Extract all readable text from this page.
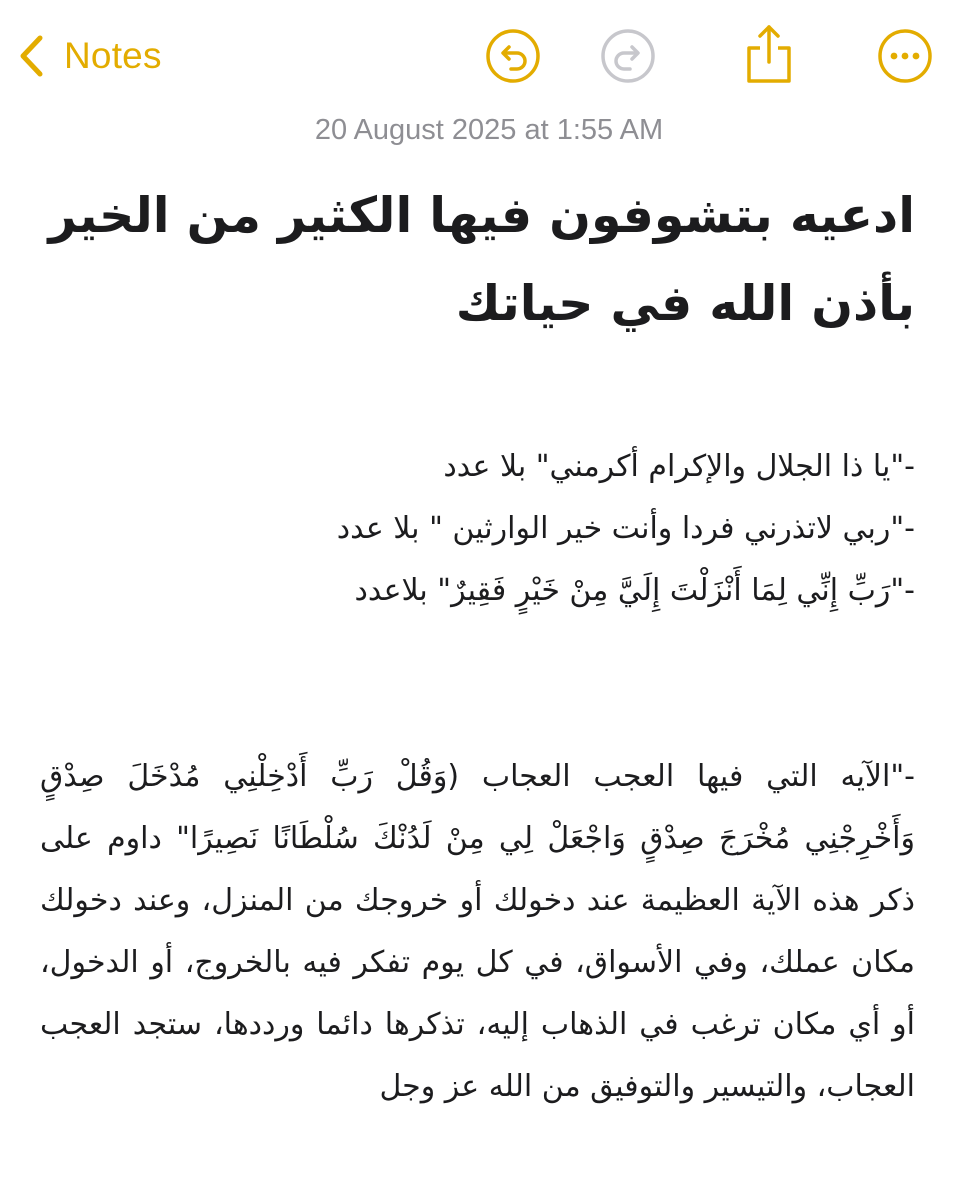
Notes
20 August 2025 at 1:55 AM
ادعيه بتشوفون فيها الكثير من الخير بأذن الله في حياتك

-"يا ذا الجلال والإكرام أكرمني" بلا عدد

-"ربي لاتذرني فردا وأنت خير الوارثين " بلا عدد

-"رَبِّ إِنِّي لِمَا أَنْزَلْتَ إِلَيَّ مِنْ خَيْرٍ فَقِيرٌ" بلاعدد

-"الآيه التي فيها العجب العجاب (وَقُلْ رَبِّ أَدْخِلْنِي مُدْخَلَ صِدْقٍ وَأَخْرِجْنِي مُخْرَجَ صِدْقٍ وَاجْعَلْ لِي مِنْ لَدُنْكَ سُلْطَانًا نَصِيرًا" داوم على ذكر هذه الآية العظيمة عند دخولك أو خروجك من المنزل، وعند دخولك مكان عملك، وفي الأسواق، في كل يوم تفكر فيه بالخروج، أو الدخول، أو أي مكان ترغب في الذهاب إليه، تذكرها دائما ورددها، ستجد العجب العجاب، والتيسير والتوفيق من الله عز وجل
